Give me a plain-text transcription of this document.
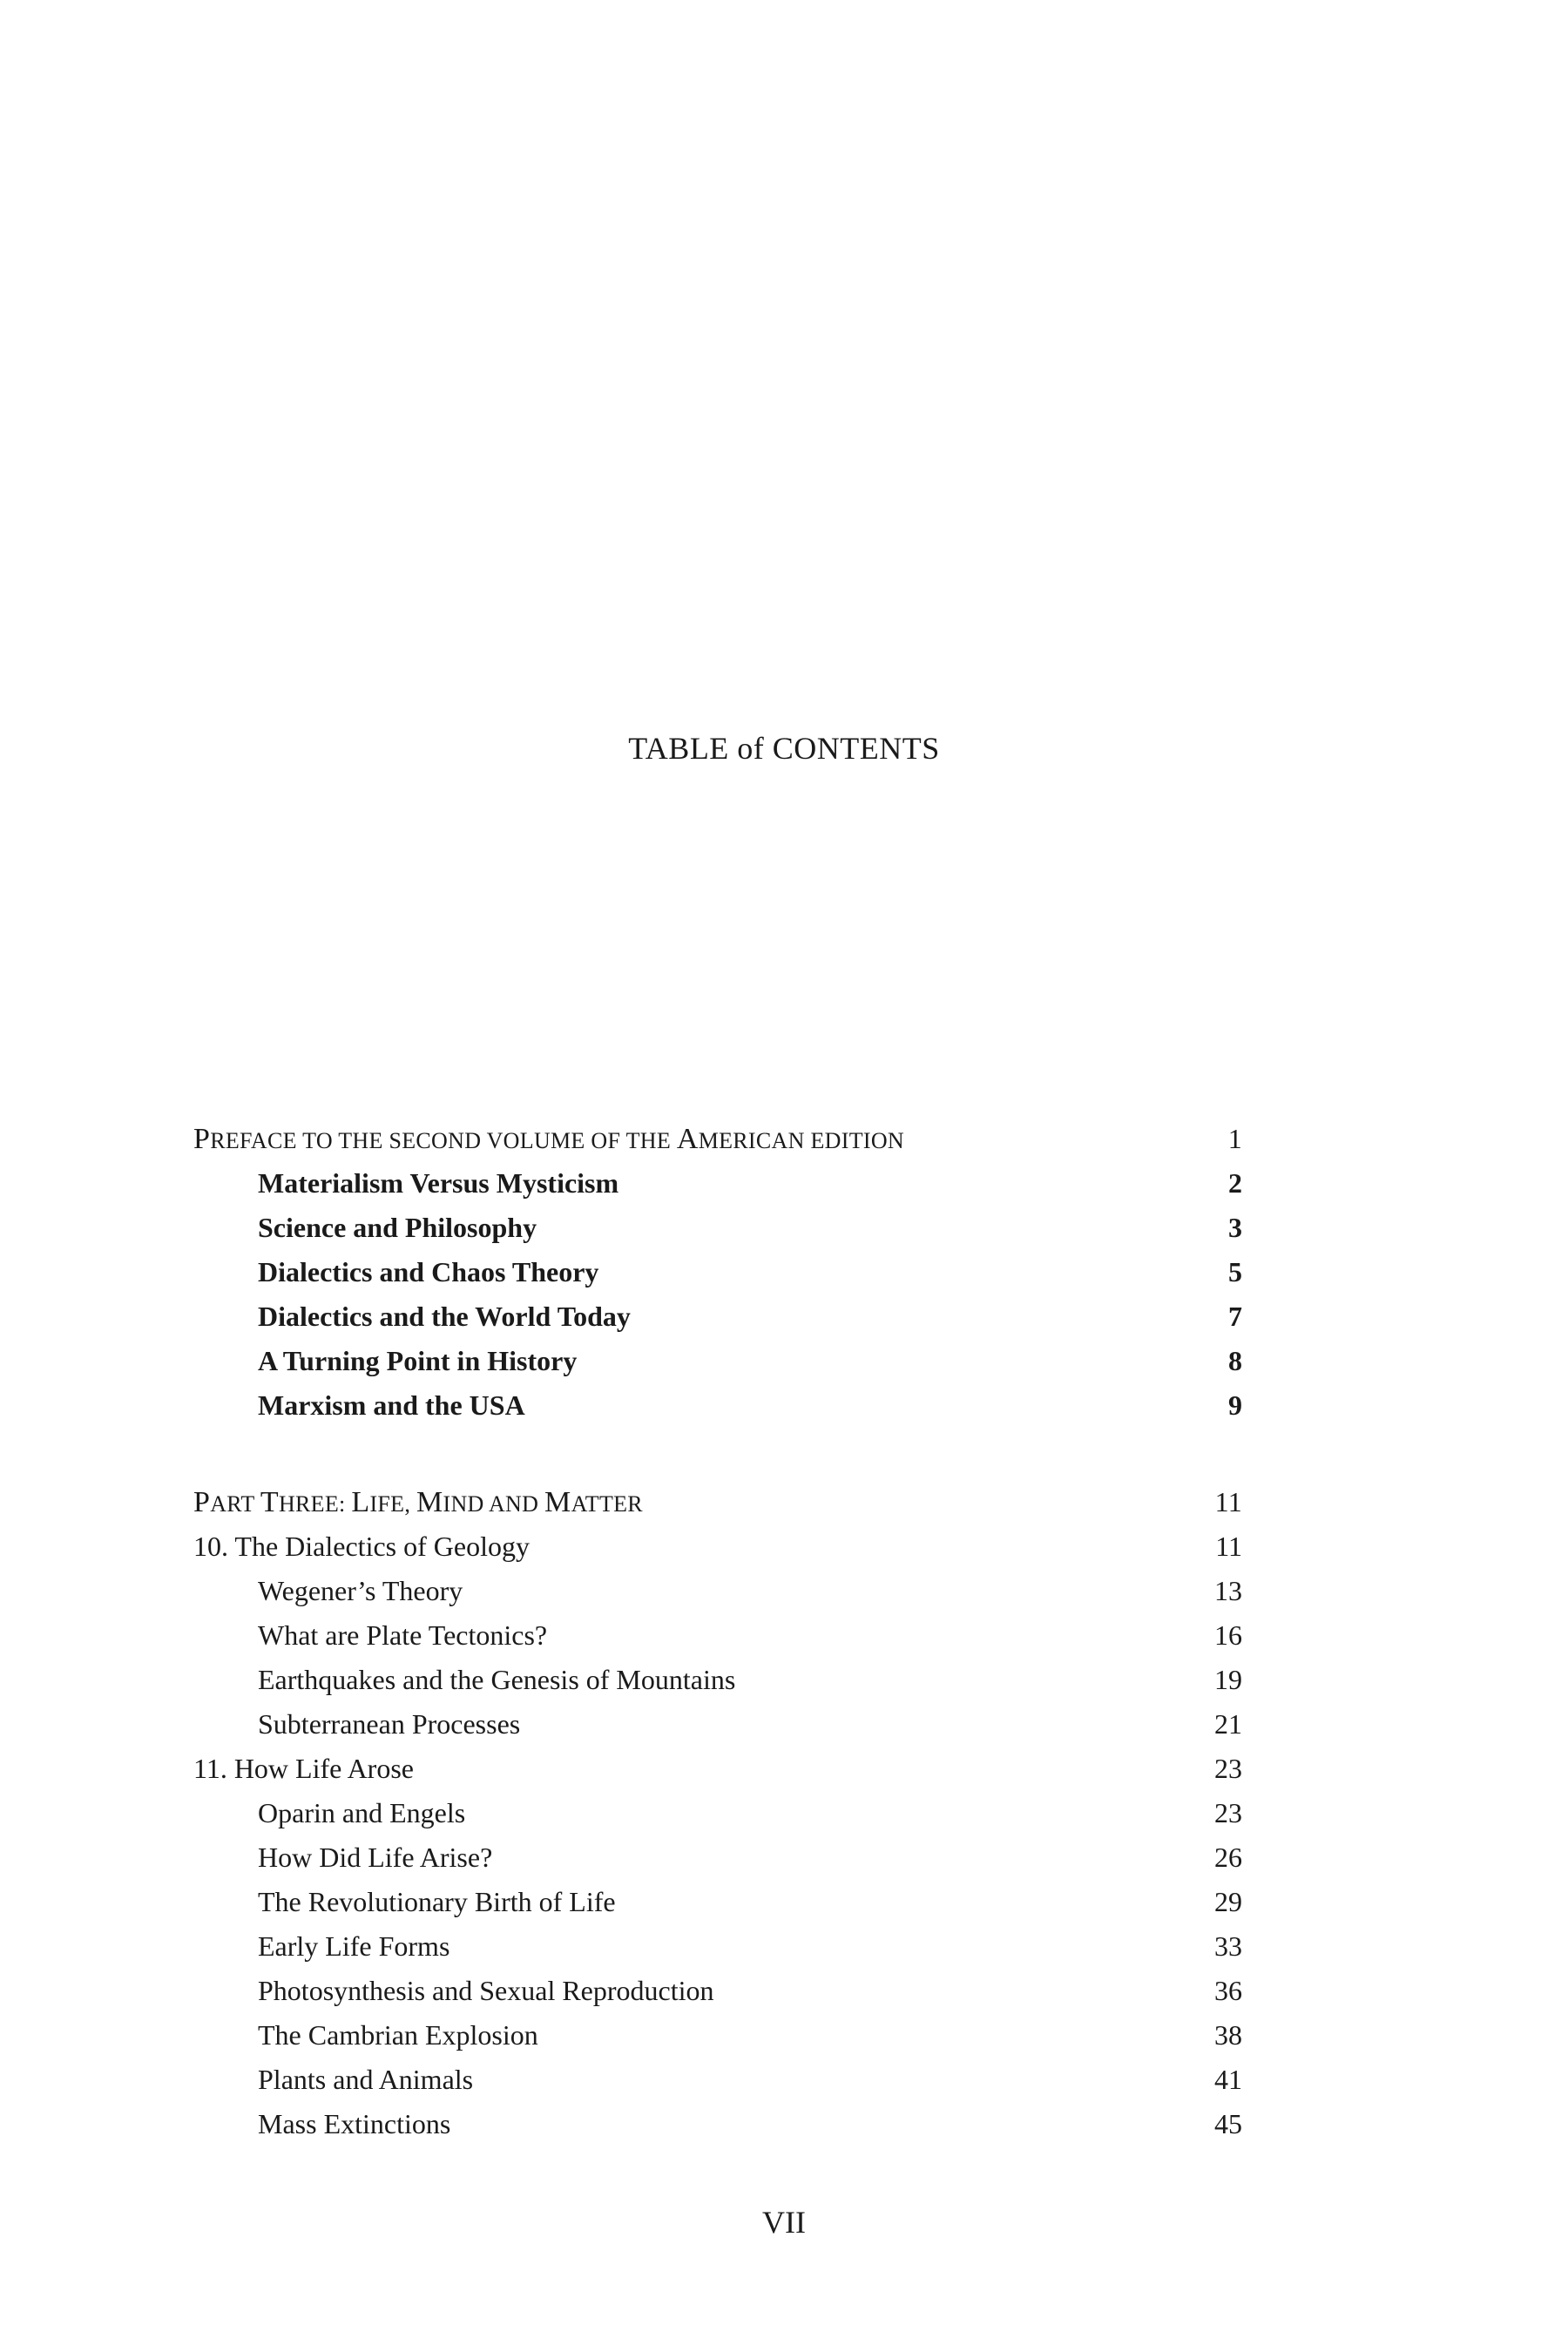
TABLE of CONTENTS
PREFACE TO THE SECOND VOLUME OF THE AMERICAN EDITION	1
Materialism Versus Mysticism	2
Science and Philosophy	3
Dialectics and Chaos Theory	5
Dialectics and the World Today	7
A Turning Point in History	8
Marxism and the USA	9
PART THREE: LIFE, MIND AND MATTER	11
10. The Dialectics of Geology	11
Wegener’s Theory	13
What are Plate Tectonics?	16
Earthquakes and the Genesis of Mountains	19
Subterranean Processes	21
11. How Life Arose	23
Oparin and Engels	23
How Did Life Arise?	26
The Revolutionary Birth of Life	29
Early Life Forms	33
Photosynthesis and Sexual Reproduction	36
The Cambrian Explosion	38
Plants and Animals	41
Mass Extinctions	45
VII
